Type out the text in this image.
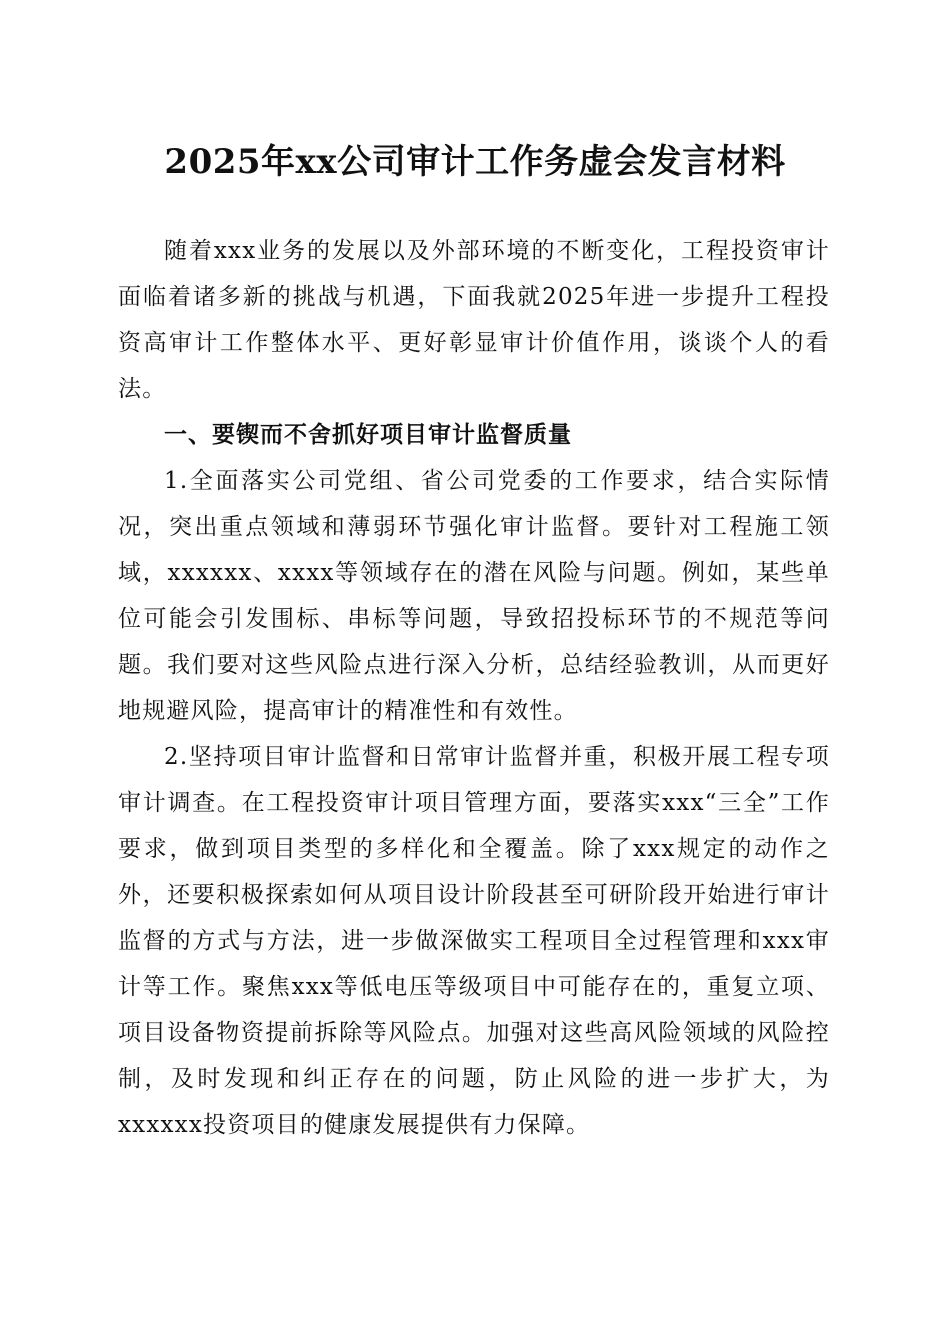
2025年xx公司审计工作务虚会发言材料

随着xxx业务的发展以及外部环境的不断变化，工程投资审计面临着诸多新的挑战与机遇，下面我就2025年进一步提升工程投资高审计工作整体水平、更好彰显审计价值作用，谈谈个人的看法。

一、要锲而不舍抓好项目审计监督质量

1.全面落实公司党组、省公司党委的工作要求，结合实际情况，突出重点领域和薄弱环节强化审计监督。要针对工程施工领域，xxxxxx、xxxx等领域存在的潜在风险与问题。例如，某些单位可能会引发围标、串标等问题，导致招投标环节的不规范等问题。我们要对这些风险点进行深入分析，总结经验教训，从而更好地规避风险，提高审计的精准性和有效性。

2.坚持项目审计监督和日常审计监督并重，积极开展工程专项审计调查。在工程投资审计项目管理方面，要落实xxx“三全”工作要求，做到项目类型的多样化和全覆盖。除了xxx规定的动作之外，还要积极探索如何从项目设计阶段甚至可研阶段开始进行审计监督的方式与方法，进一步做深做实工程项目全过程管理和xxx审计等工作。聚焦xxx等低电压等级项目中可能存在的，重复立项、项目设备物资提前拆除等风险点。加强对这些高风险领域的风险控制，及时发现和纠正存在的问题，防止风险的进一步扩大，为xxxxxx投资项目的健康发展提供有力保障。
